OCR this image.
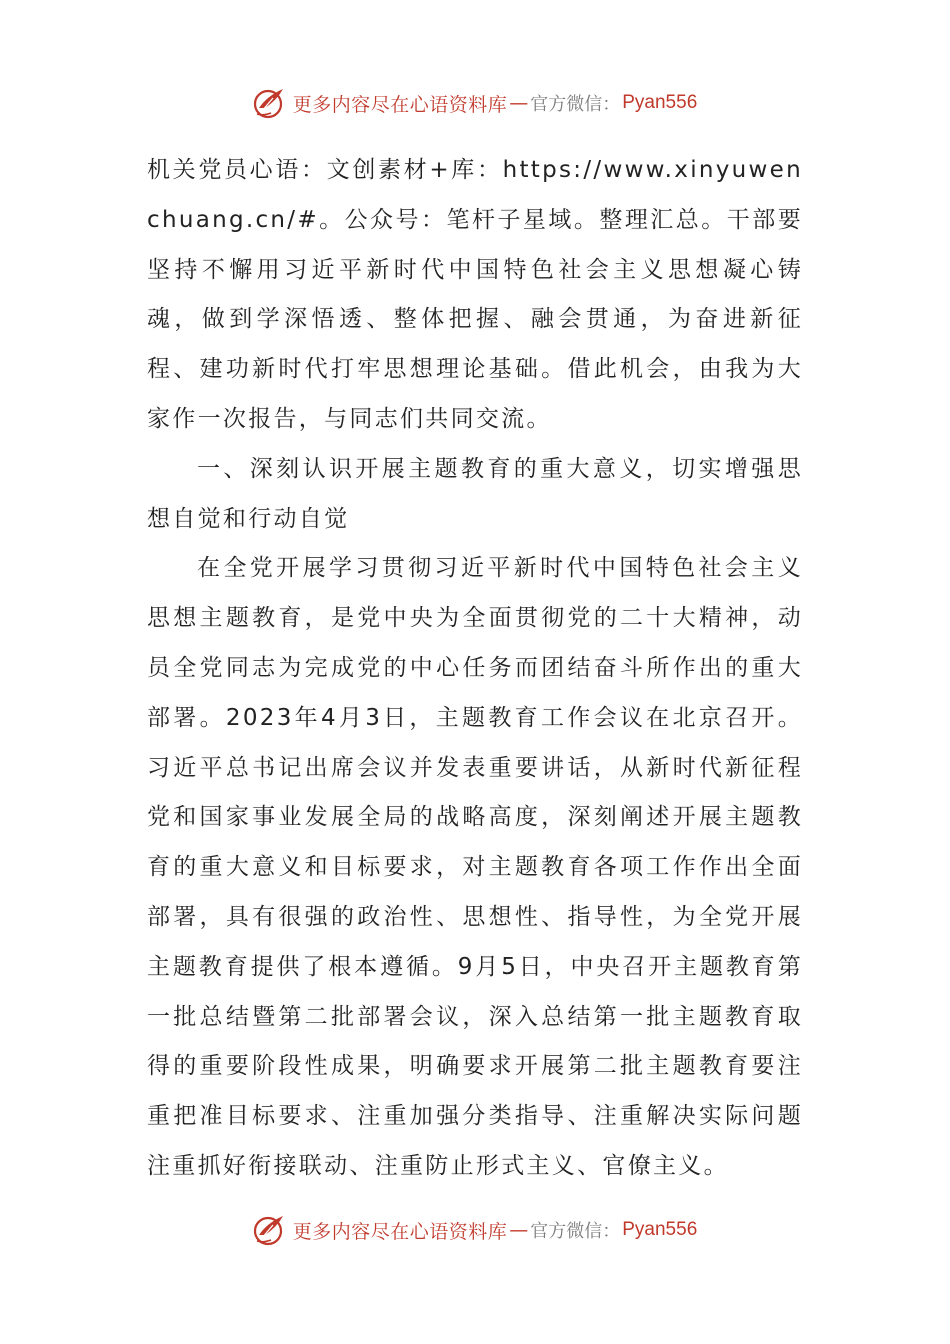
更多内容尽在心语资料库 — 官方微信： Pyan556

机关党员心语：文创素材+库：https://www.xinyuwenchuang.cn/#。公众号：笔杆子星域。整理汇总。干部要坚持不懈用习近平新时代中国特色社会主义思想凝心铸魂，做到学深悟透、整体把握、融会贯通，为奋进新征程、建功新时代打牢思想理论基础。借此机会，由我为大家作一次报告，与同志们共同交流。

一、深刻认识开展主题教育的重大意义，切实增强思想自觉和行动自觉

在全党开展学习贯彻习近平新时代中国特色社会主义思想主题教育，是党中央为全面贯彻党的二十大精神，动员全党同志为完成党的中心任务而团结奋斗所作出的重大部署。2023年4月3日，主题教育工作会议在北京召开。习近平总书记出席会议并发表重要讲话，从新时代新征程党和国家事业发展全局的战略高度，深刻阐述开展主题教育的重大意义和目标要求，对主题教育各项工作作出全面部署，具有很强的政治性、思想性、指导性，为全党开展主题教育提供了根本遵循。9月5日，中央召开主题教育第一批总结暨第二批部署会议，深入总结第一批主题教育取得的重要阶段性成果，明确要求开展第二批主题教育要注重把准目标要求、注重加强分类指导、注重解决实际问题注重抓好衔接联动、注重防止形式主义、官僚主义。

更多内容尽在心语资料库 — 官方微信： Pyan556
